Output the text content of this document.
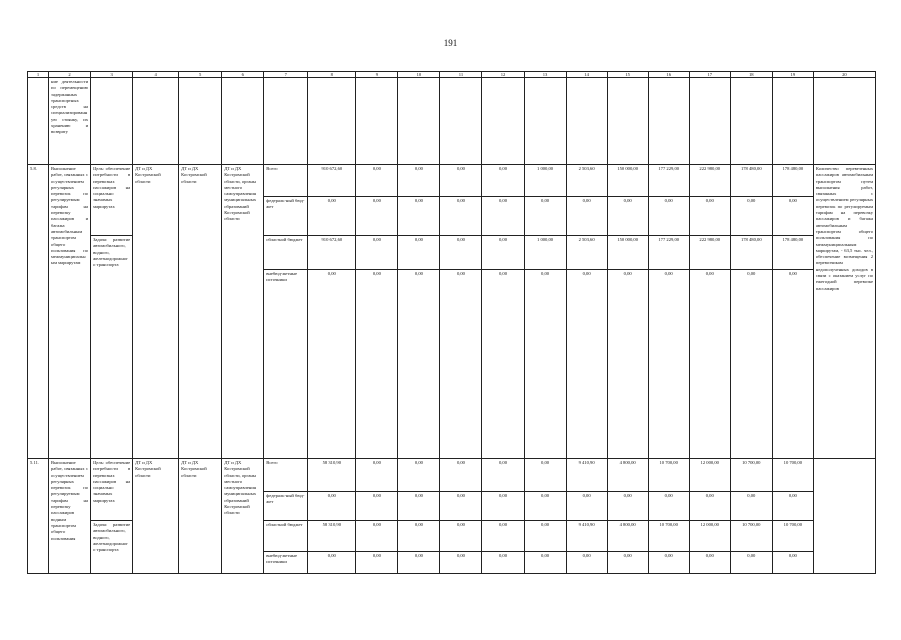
191
1	2	3	4	5	6	7	8	9	10	11	12	13	14	15	16	17	18	19	20
	ние деятельности по перемещению задержанных транспортных средств на специализированную стоянку, их хранению и возврату																		
5.8.	Выполнение работ, связанных с осуществлением регулярных перевозок по регулируемым тарифам на перевозку пассажиров и багажа автомобильным транспортом общего пользования по межмуниципальным маршрутам	Цель: обеспечение потребности в перевозках пассажиров на социально значимых маршрутах	ДТ и ДХ Костромской области	ДТ и ДХ Костромской области	ДТ и ДХ Костромской области, органы местного самоуправления муниципальных образований Костромской области	Всего	910 672,60	0,00	0,00	0,00	0,00	1 000,00	2 503,60	150 000,00	177 229,00	222 980,00	178 480,00	178 480,00	Количество перевезенных пассажиров автомобильным транспортом путем выполнения работ, связанных с осуществлением регулярных перевозок по регулируемым тарифам на перевозку пассажиров и багажа автомобильным транспортом общего пользования по межмуниципальным маршрутам, - 63,5 тыс. чел., обеспечение возмещения 2 перевозчикам недополученных доходов в связи с оказанием услуг по ежегодной перевозке пассажиров
						федераль-ный бюд-жет	0,00	0,00	0,00	0,00	0,00	0,00	0,00	0,00	0,00	0,00	0,00	0,00	
		Задача: развитие автомобильного, водного, железнодорожного транспорта				областной бюджет	910 672,60	0,00	0,00	0,00	0,00	1 000,00	2 503,60	150 000,00	177 229,00	222 980,00	178 480,00	178 480,00	
						внебюд-жетные источники	0,00	0,00	0,00	0,00	0,00	0,00	0,00	0,00	0,00	0,00	0,00	0,00	
5.11.	Выполнение работ, связанных с осуществлением регулярных перевозок по регулируемым тарифам на перевозку пассажиров водным транспортом общего пользования	Цель: обеспечение потребности в перевозках пассажиров на социально значимых маршрутах	ДТ и ДХ Костромской области	ДТ и ДХ Костромской области	ДТ и ДХ Костромской области, органы местного самоуправления муниципальных образований Костромской области	Всего	58 310,90	0,00	0,00	0,00	0,00	0,00	9 410,90	4 800,00	10 700,00	12 000,00	10 700,00	10 700,00	
						федераль-ный бюд-жет	0,00	0,00	0,00	0,00	0,00	0,00	0,00	0,00	0,00	0,00	0,00	0,00	
		Задача: развитие автомобильного, водного, железнодорожного транспорта				областной бюджет	58 310,90	0,00	0,00	0,00	0,00	0,00	9 410,90	4 800,00	10 700,00	12 000,00	10 700,00	10 700,00	
						внебюд-жетные источники	0,00	0,00	0,00	0,00	0,00	0,00	0,00	0,00	0,00	0,00	0,00	0,00	
